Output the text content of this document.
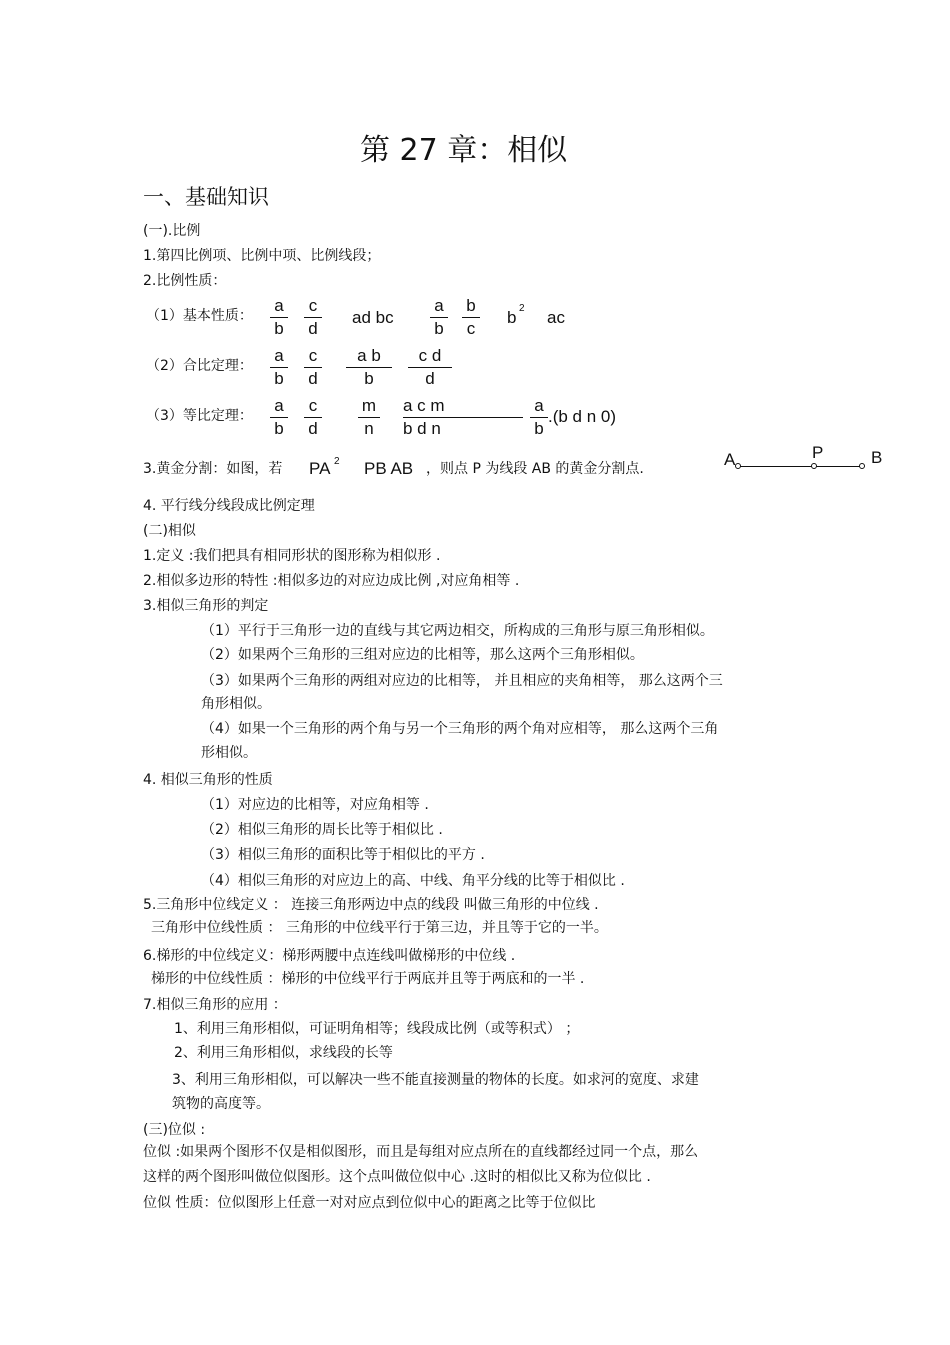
第 27 章：相似
一、基础知识
(一).比例
1.第四比例项、比例中项、比例线段；
2.比例性质：
（1）基本性质：
a
b
c
d
ad bc
a
b
b
c
b 2 ac
（2）合比定理：
a
b
c
d
a b
b
c d
d
（3）等比定理：
a
b
c
d
m
n
a c m
b d n
a
b
.(b d n 0)
3.黄金分割：如图，若 PA 2 PB AB ，则点 P 为线段 AB 的黄金分割点.	A	P	B
4. 平行线分线段成比例定理
(二)相似
1.定义 :我们把具有相同形状的图形称为相似形 .
2.相似多边形的特性 :相似多边的对应边成比例 ,对应角相等 .
3.相似三角形的判定
（1）平行于三角形一边的直线与其它两边相交，所构成的三角形与原三角形相似。
（2）如果两个三角形的三组对应边的比相等，那么这两个三角形相似。
（3）如果两个三角形的两组对应边的比相等， 并且相应的夹角相等， 那么这两个三
角形相似。
（4）如果一个三角形的两个角与另一个三角形的两个角对应相等， 那么这两个三角
形相似。
4. 相似三角形的性质
（1）对应边的比相等，对应角相等 .
（2）相似三角形的周长比等于相似比 .
（3）相似三角形的面积比等于相似比的平方 .
（4）相似三角形的对应边上的高、中线、角平分线的比等于相似比 .
5.三角形中位线定义 ： 连接三角形两边中点的线段 叫做三角形的中位线 .
三角形中位线性质 ： 三角形的中位线平行于第三边，并且等于它的一半。
6.梯形的中位线定义：梯形两腰中点连线叫做梯形的中位线 .
梯形的中位线性质 ：梯形的中位线平行于两底并且等于两底和的一半 .
7.相似三角形的应用 ：
1、利用三角形相似，可证明角相等；线段成比例（或等积式） ；
2、利用三角形相似，求线段的长等
3、利用三角形相似，可以解决一些不能直接测量的物体的长度。如求河的宽度、求建
筑物的高度等。
(三)位似 :
位似 :如果两个图形不仅是相似图形，而且是每组对应点所在的直线都经过同一个点，那么
这样的两个图形叫做位似图形。这个点叫做位似中心 .这时的相似比又称为位似比 .
位似 性质：位似图形上任意一对对应点到位似中心的距离之比等于位似比
